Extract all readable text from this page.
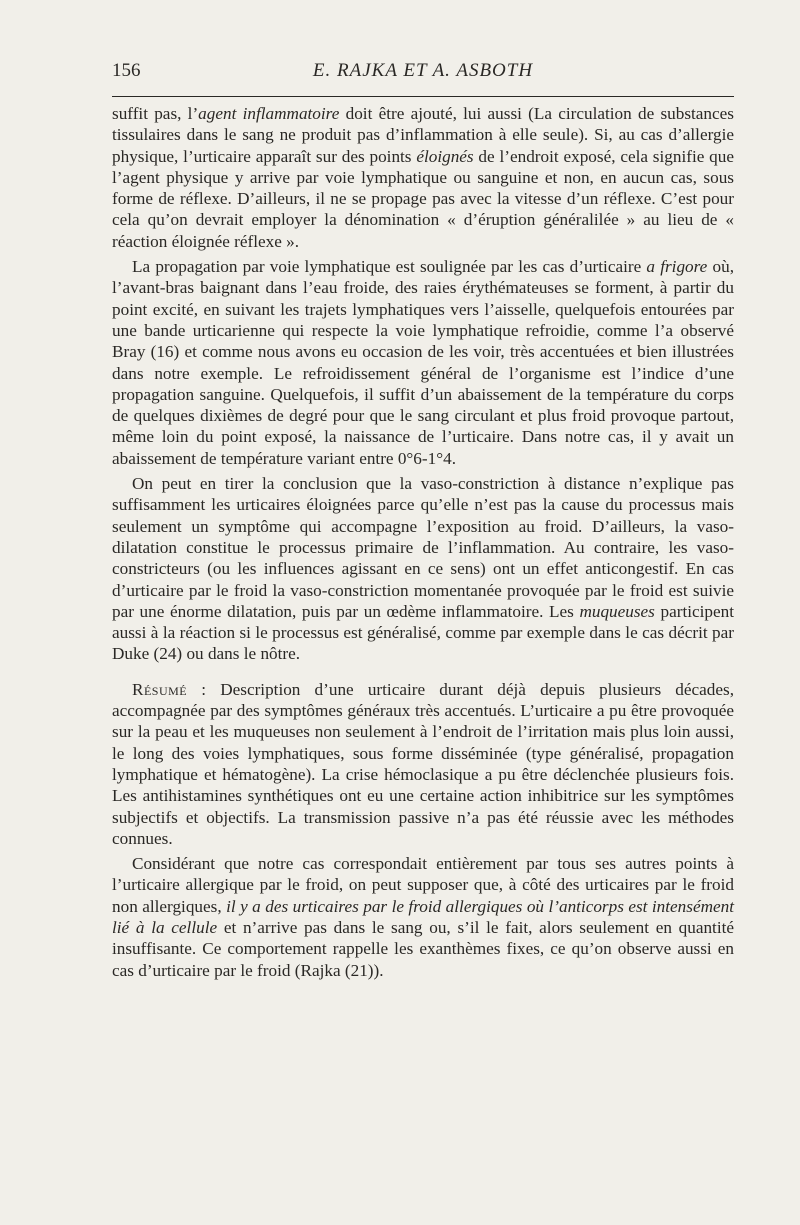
156	E. RAJKA ET A. ASBOTH

suffit pas, l’agent inflammatoire doit être ajouté, lui aussi (La circulation de substances tissulaires dans le sang ne produit pas d’inflammation à elle seule). Si, au cas d’allergie physique, l’urticaire apparaît sur des points éloignés de l’endroit exposé, cela signifie que l’agent physique y arrive par voie lymphatique ou sanguine et non, en aucun cas, sous forme de réflexe. D’ailleurs, il ne se propage pas avec la vitesse d’un réflexe. C’est pour cela qu’on devrait employer la dénomination « d’éruption généralilée » au lieu de « réaction éloignée réflexe ».

La propagation par voie lymphatique est soulignée par les cas d’urticaire a frigore où, l’avant-bras baignant dans l’eau froide, des raies érythémateuses se forment, à partir du point excité, en suivant les trajets lymphatiques vers l’aisselle, quelquefois entourées par une bande urticarienne qui respecte la voie lymphatique refroidie, comme l’a observé Bray (16) et comme nous avons eu occasion de les voir, très accentuées et bien illustrées dans notre exemple. Le refroidissement général de l’organisme est l’indice d’une propagation sanguine. Quelquefois, il suffit d’un abaissement de la température du corps de quelques dixièmes de degré pour que le sang circulant et plus froid provoque partout, même loin du point exposé, la naissance de l’urticaire. Dans notre cas, il y avait un abaissement de température variant entre 0°6-1°4.

On peut en tirer la conclusion que la vaso-constriction à distance n’explique pas suffisamment les urticaires éloignées parce qu’elle n’est pas la cause du processus mais seulement un symptôme qui accompagne l’exposition au froid. D’ailleurs, la vaso-dilatation constitue le processus primaire de l’inflammation. Au contraire, les vaso-constricteurs (ou les influences agissant en ce sens) ont un effet anticongestif. En cas d’urticaire par le froid la vaso-constriction momentanée provoquée par le froid est suivie par une énorme dilatation, puis par un œdème inflammatoire. Les muqueuses participent aussi à la réaction si le processus est généralisé, comme par exemple dans le cas décrit par Duke (24) ou dans le nôtre.

Résumé : Description d’une urticaire durant déjà depuis plusieurs décades, accompagnée par des symptômes généraux très accentués. L’urticaire a pu être provoquée sur la peau et les muqueuses non seulement à l’endroit de l’irritation mais plus loin aussi, le long des voies lymphatiques, sous forme disséminée (type généralisé, propagation lymphatique et hématogène). La crise hémoclasique a pu être déclenchée plusieurs fois. Les antihistamines synthétiques ont eu une certaine action inhibitrice sur les symptômes subjectifs et objectifs. La transmission passive n’a pas été réussie avec les méthodes connues.

Considérant que notre cas correspondait entièrement par tous ses autres points à l’urticaire allergique par le froid, on peut supposer que, à côté des urticaires par le froid non allergiques, il y a des urticaires par le froid allergiques où l’anticorps est intensément lié à la cellule et n’arrive pas dans le sang ou, s’il le fait, alors seulement en quantité insuffisante. Ce comportement rappelle les exanthèmes fixes, ce qu’on observe aussi en cas d’urticaire par le froid (Rajka (21)).
